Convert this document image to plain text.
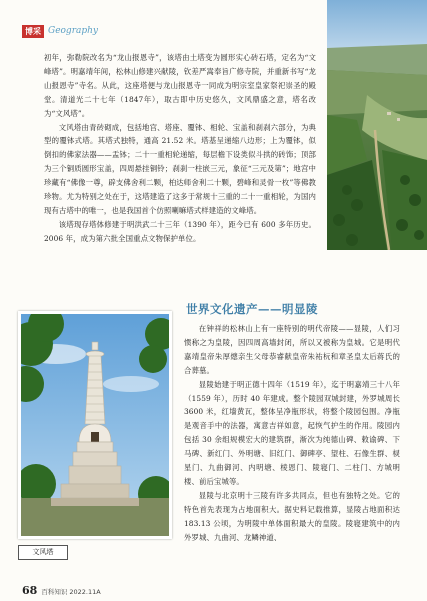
博采 Geography

初年，弥勒院改名为“龙山报恩寺”，该塔由土塔变为圆形实心砖石塔，定名为“文峰塔”。明嘉靖年间，松林山修建兴献陵，钦差严嵩奉旨广修寺院，并重新书写“龙山报恩寺”寺名。从此，这座塔便与龙山报恩寺一同成为明宗室皇家祭祀崇圣的殿堂。清道光二十七年（1847年），取古即中历史悠久，文风鼎盛之意，塔名改为“文风塔”。

文风塔由青砖砌成，包括地宫、塔座、覆钵、相轮、宝盖和刹刹六部分，为典型的覆钵式塔。其塔式独特，通高 21.52 米。塔基呈递缩八边形；上为覆钵，似倒扣的佛家法器——盂钵；二十一重相轮递缩，每层檐下设类似斗拱的砖饰；顶部为三个铜质圆形宝盖，四周悬挂铜铃；刹刹一柱嵌三元，象征“三元及第”；地宫中珍藏有“佛像一尊，辟支佛舍利二颗，柏达师舍利二十颗，碧峰和灵骨一枚”等佛教珍物。尤为特别之处在于，这塔建造了这多于常规十三重的二十一重相轮，为国内现有古塔中的唯一，也是我国首个仿照喇嘛塔式样建造的文峰塔。

该塔现存塔体修建于明洪武二十三年（1390 年），距今已有 600 多年历史。2006 年，成为第六批全国重点文物保护单位。

世界文化遗产——明显陵
文风塔

在钟祥的松林山上有一座特别的明代帝陵——显陵，人们习惯称之为皇陵，因四周高墙封闭，所以又被称为皇城。它是明代嘉靖皇帝朱厚熜亲生父母恭睿献皇帝朱祐杬和章圣皇太后蒋氏的合葬墓。

显陵始建于明正德十四年（1519 年），迄于明嘉靖三十八年（1559 年），历时 40 年建成。整个陵园双城封建，外罗城周长 3600 米，红墙黄瓦，整体呈净瓶形状，将整个陵园包围。净瓶是观音手中的法器，寓意吉祥如意，起恢气护生的作用。陵园内包括 30 余组规模宏大的建筑群，渐次为纯德山碑、敕谕碑、下马碑、新红门、外明塘、旧红门、御碑亭、望柱、石像生群、棂星门、九曲御河、内明塘、棱恩门、陵寝门、二柱门、方城明楼、前后宝城等。

显陵与北京明十三陵有许多共同点，但也有独特之处。它的特色首先表现为占地面积大。据史料记载推算，显陵占地面积达 183.13 公顷，为明陵中单体面积最大的皇陵。陵寝建筑中的内外罗城、九曲河、龙鳞神道、

68 百科知识 2022.11A
